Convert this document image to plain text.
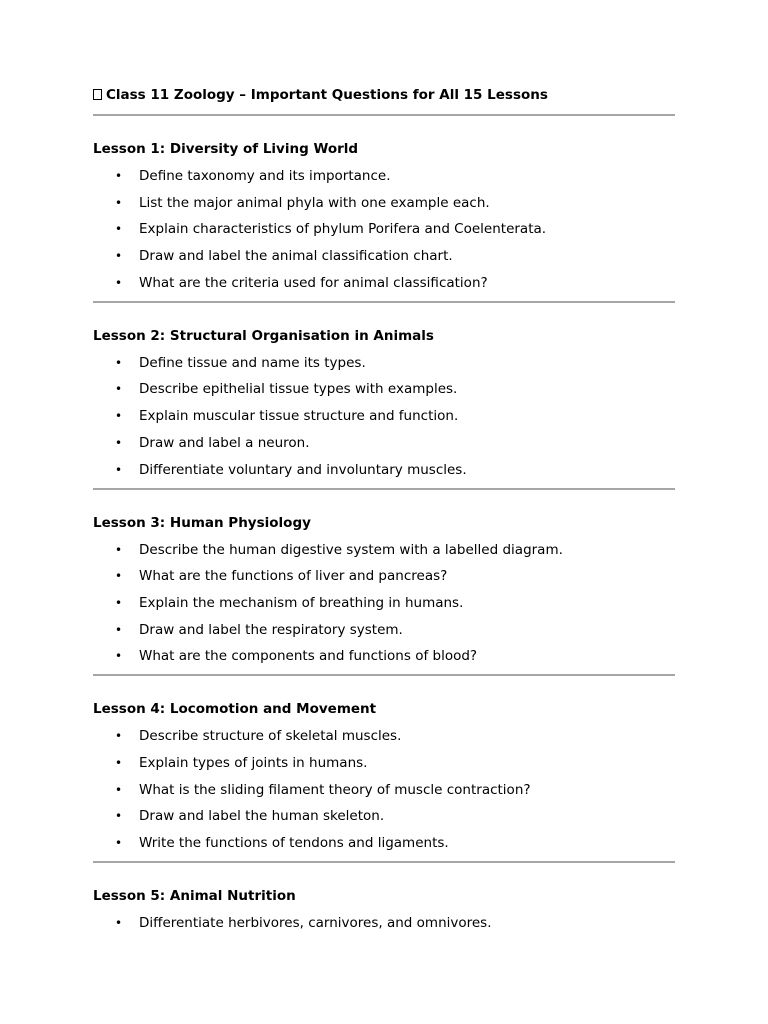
Class 11 Zoology – Important Questions for All 15 Lessons
Lesson 1: Diversity of Living World
• Define taxonomy and its importance.
• List the major animal phyla with one example each.
• Explain characteristics of phylum Porifera and Coelenterata.
• Draw and label the animal classification chart.
• What are the criteria used for animal classification?
Lesson 2: Structural Organisation in Animals
• Define tissue and name its types.
• Describe epithelial tissue types with examples.
• Explain muscular tissue structure and function.
• Draw and label a neuron.
• Differentiate voluntary and involuntary muscles.
Lesson 3: Human Physiology
• Describe the human digestive system with a labelled diagram.
• What are the functions of liver and pancreas?
• Explain the mechanism of breathing in humans.
• Draw and label the respiratory system.
• What are the components and functions of blood?
Lesson 4: Locomotion and Movement
• Describe structure of skeletal muscles.
• Explain types of joints in humans.
• What is the sliding filament theory of muscle contraction?
• Draw and label the human skeleton.
• Write the functions of tendons and ligaments.
Lesson 5: Animal Nutrition
• Differentiate herbivores, carnivores, and omnivores.
